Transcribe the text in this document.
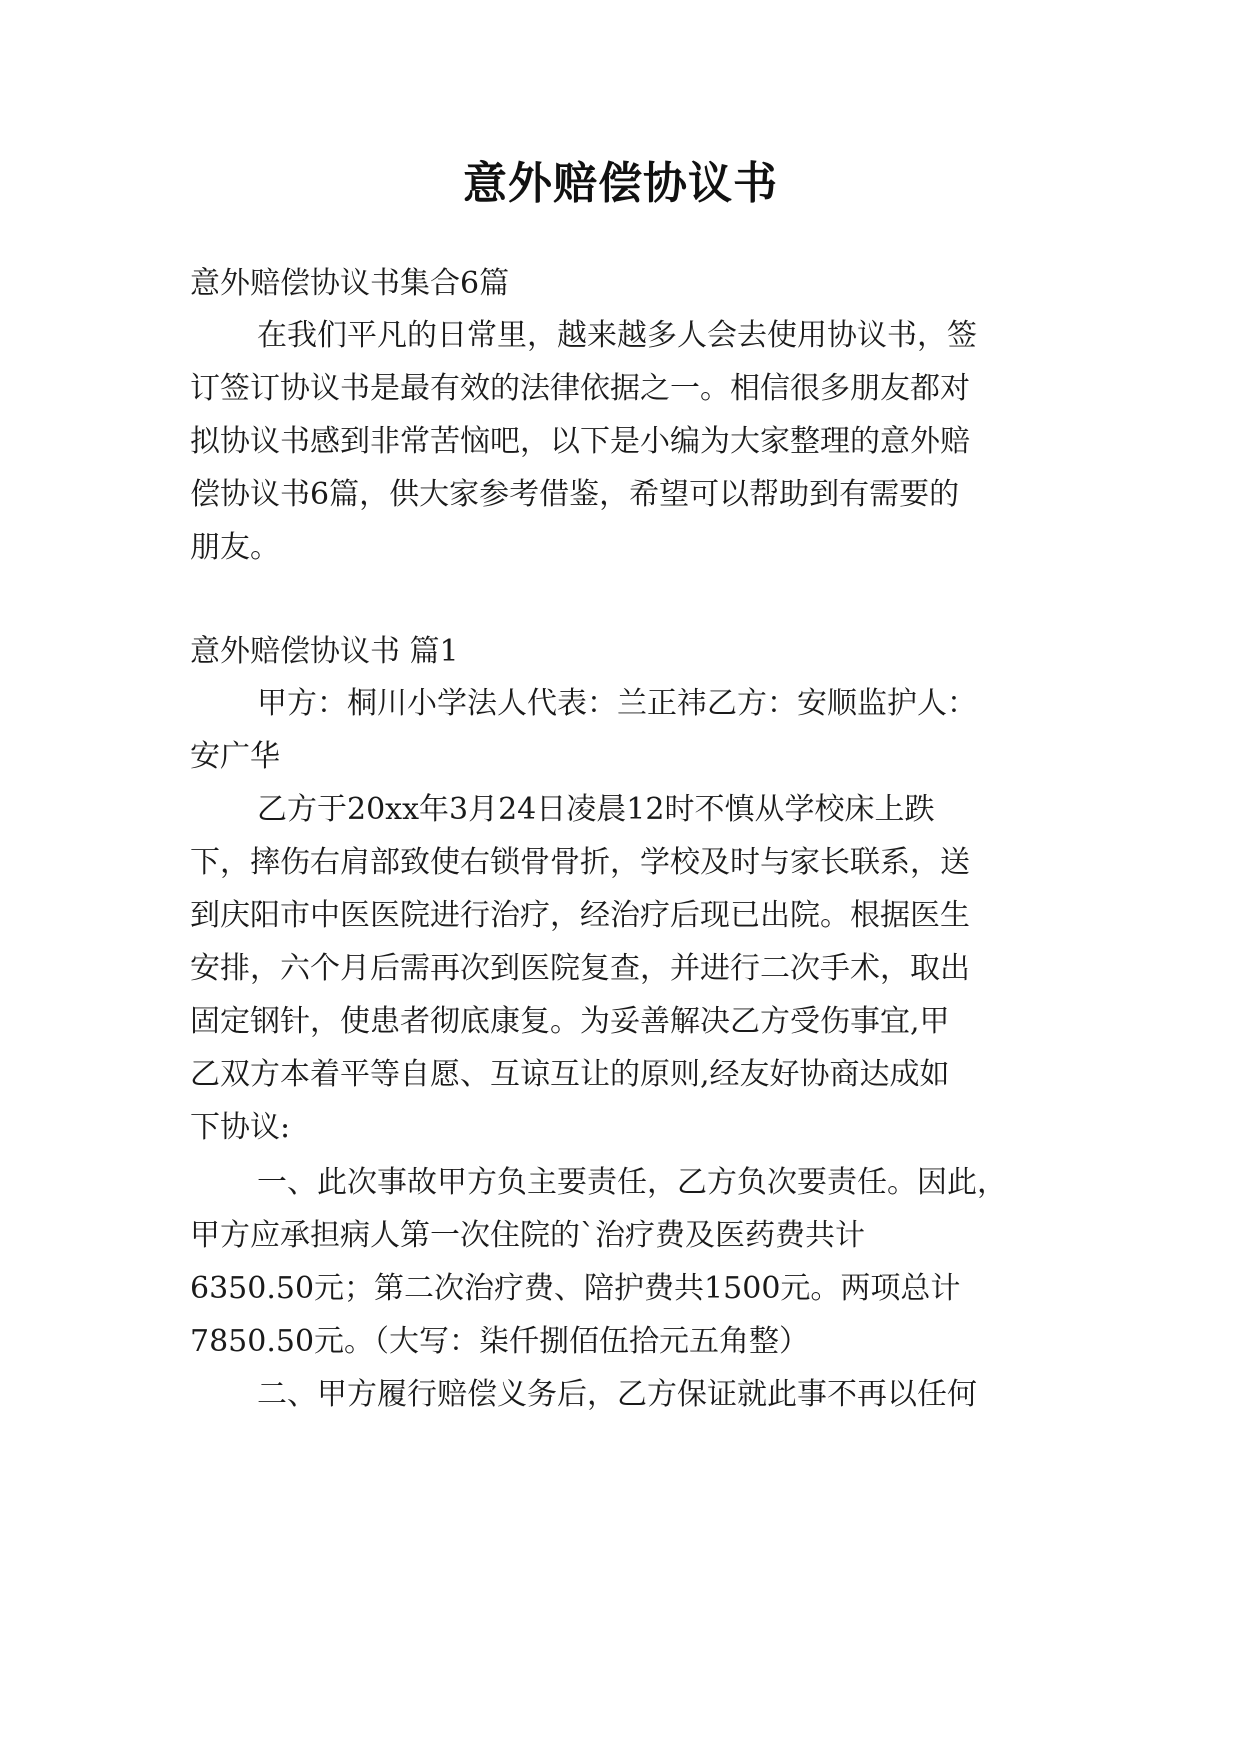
意外赔偿协议书
意外赔偿协议书集合6篇
在我们平凡的日常里，越来越多人会去使用协议书，签
订签订协议书是最有效的法律依据之一。相信很多朋友都对
拟协议书感到非常苦恼吧，以下是小编为大家整理的意外赔
偿协议书6篇，供大家参考借鉴，希望可以帮助到有需要的
朋友。
意外赔偿协议书 篇1
甲方：桐川小学法人代表：兰正祎乙方：安顺监护人：
安广华
乙方于20xx年3月24日凌晨12时不慎从学校床上跌
下，摔伤右肩部致使右锁骨骨折，学校及时与家长联系，送
到庆阳市中医医院进行治疗，经治疗后现已出院。根据医生
安排，六个月后需再次到医院复查，并进行二次手术，取出
固定钢针，使患者彻底康复。为妥善解决乙方受伤事宜,甲
乙双方本着平等自愿、互谅互让的原则,经友好协商达成如
下协议:
一、此次事故甲方负主要责任，乙方负次要责任。因此，
甲方应承担病人第一次住院的`治疗费及医药费共计
6350.50元；第二次治疗费、陪护费共1500元。两项总计
7850.50元。（大写：柒仟捌佰伍拾元五角整）
二、甲方履行赔偿义务后，乙方保证就此事不再以任何
